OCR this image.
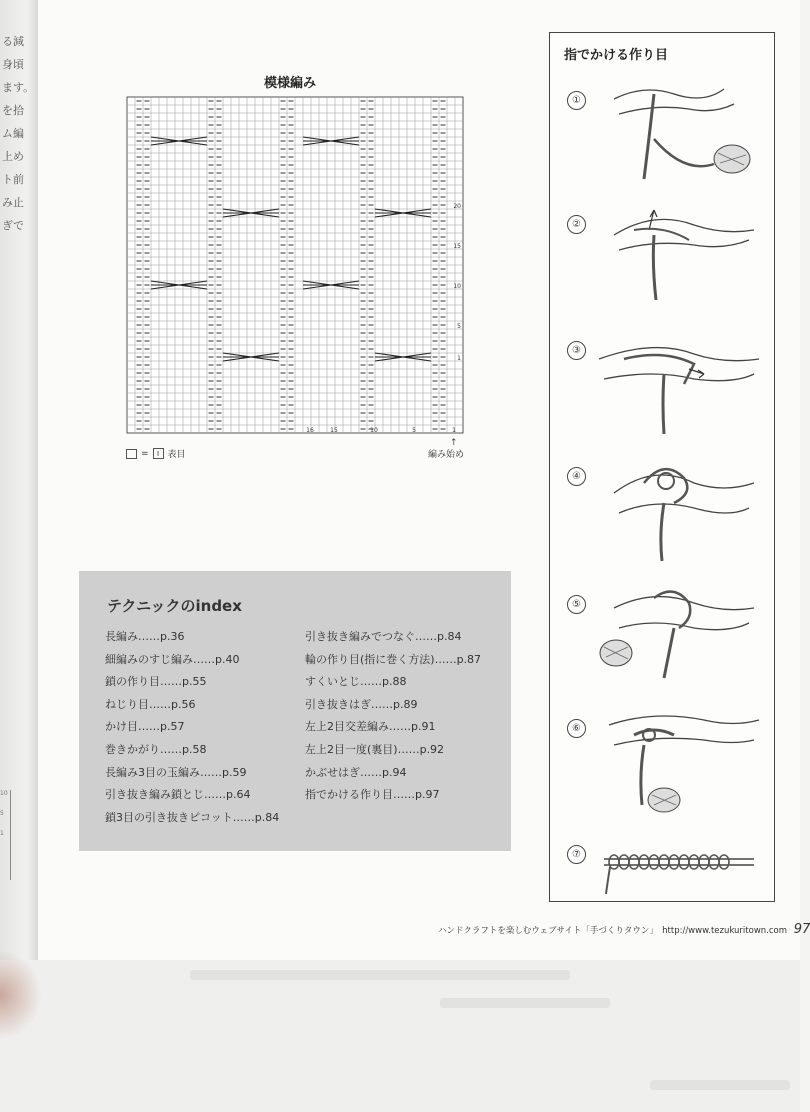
る減
身頃
ます。
を拾
ム編
上め
ト前
み止
ぎで
10
5
1
模様編み
20
15
10
5
1
16	15	10	5	1
= I 表目
↑
編み始め
テクニックのindex
長編み……p.36
細編みのすじ編み……p.40
鎖の作り目……p.55
ねじり目……p.56
かけ目……p.57
巻きかがり……p.58
長編み3目の玉編み……p.59
引き抜き編み鎖とじ……p.64
鎖3目の引き抜きピコット……p.84
引き抜き編みでつなぐ……p.84
輪の作り目(指に巻く方法)……p.87
すくいとじ……p.88
引き抜きはぎ……p.89
左上2目交差編み……p.91
左上2目一度(裏目)……p.92
かぶせはぎ……p.94
指でかける作り目……p.97
指でかける作り目
①
②
③
④
⑤
⑥
⑦
ハンドクラフトを楽しむウェブサイト「手づくりタウン」　http://www.tezukuritown.com 97
